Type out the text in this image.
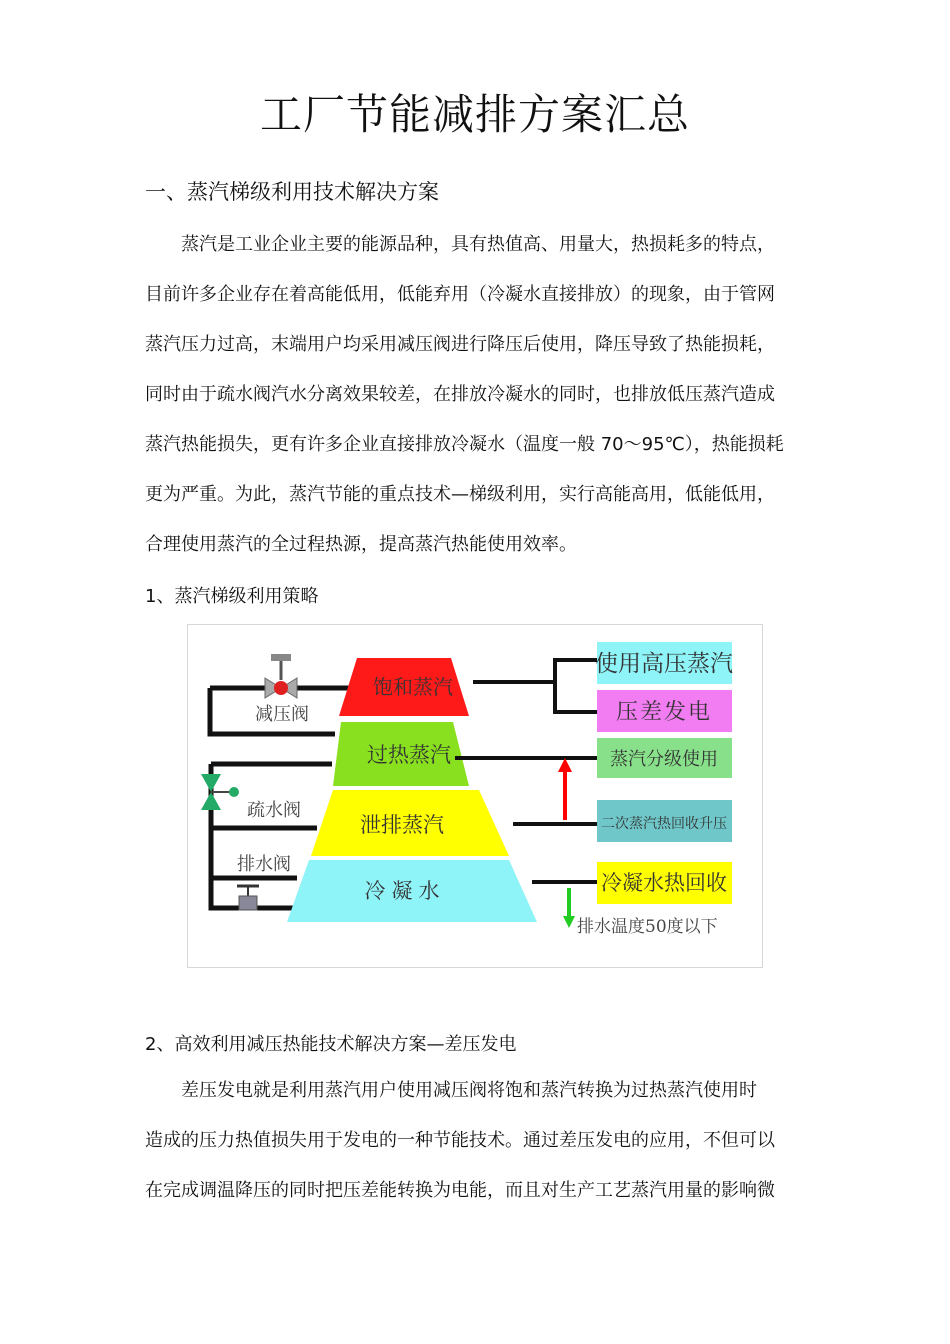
工厂节能减排方案汇总
一、蒸汽梯级利用技术解决方案
蒸汽是工业企业主要的能源品种，具有热值高、用量大，热损耗多的特点，
目前许多企业存在着高能低用，低能弃用（冷凝水直接排放）的现象，由于管网
蒸汽压力过高，末端用户均采用减压阀进行降压后使用，降压导致了热能损耗，
同时由于疏水阀汽水分离效果较差，在排放冷凝水的同时，也排放低压蒸汽造成
蒸汽热能损失，更有许多企业直接排放冷凝水（温度一般 70～95℃），热能损耗
更为严重。为此，蒸汽节能的重点技术—梯级利用，实行高能高用，低能低用，
合理使用蒸汽的全过程热源，提高蒸汽热能使用效率。
1、蒸汽梯级利用策略
饱和蒸汽
过热蒸汽
泄排蒸汽
冷凝水
减压阀
疏水阀
排水阀
使用高压蒸汽
压差发电
蒸汽分级使用
二次蒸汽热回收升压
冷凝水热回收
排水温度50度以下
2、高效利用减压热能技术解决方案—差压发电
差压发电就是利用蒸汽用户使用减压阀将饱和蒸汽转换为过热蒸汽使用时
造成的压力热值损失用于发电的一种节能技术。通过差压发电的应用，不但可以
在完成调温降压的同时把压差能转换为电能，而且对生产工艺蒸汽用量的影响微
